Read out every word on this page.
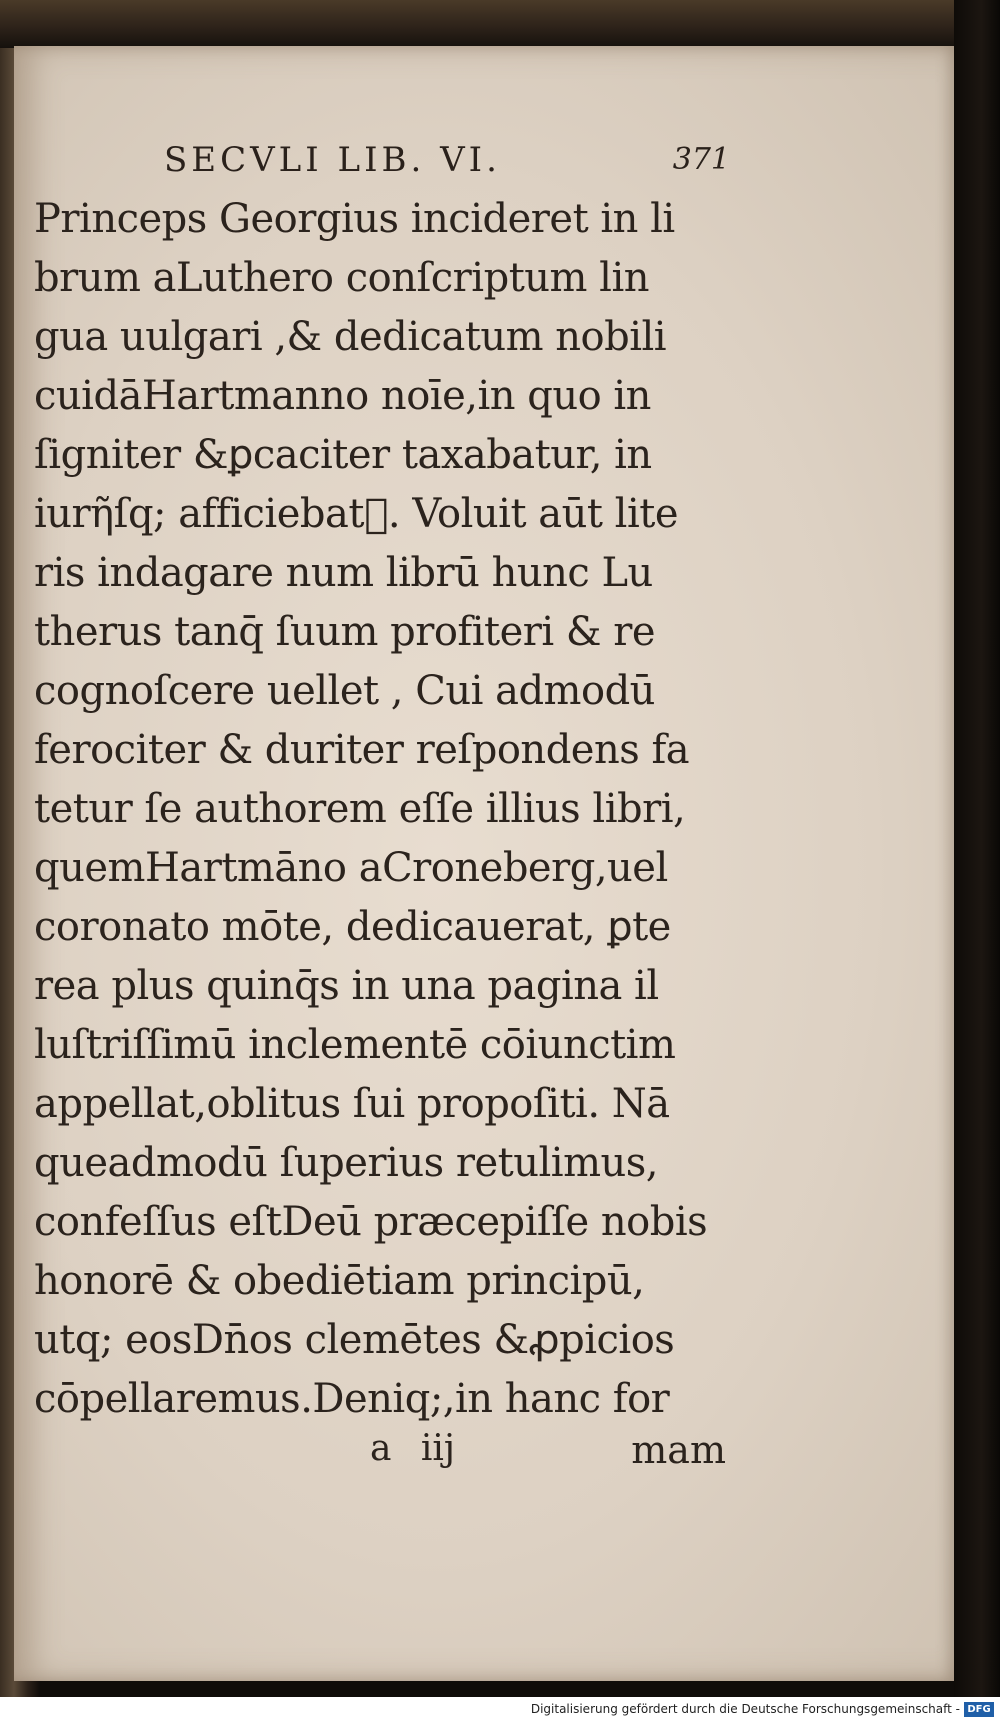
SECVLI LIB. VI.	371
Princeps Georgius incideret in li
brum aLuthero conſcriptum lin
gua uulgari ,& dedicatum nobili
cuidāHartmanno noīe,in quo in
ſigniter &ꝑcaciter taxabatur, in
iurῆſq; afficiebat᷑. Voluit aūt lite
ris indagare num librū hunc Lu
therus tanq̄ ſuum profiteri & re
cognoſcere uellet , Cui admodū
ferociter & duriter reſpondens fa
tetur ſe authorem eſſe illius libri,
quemHartmāno aCroneberg,uel
coronato mōte, dedicauerat, ꝑte
rea plus quinq̄s in una pagina il
luſtriſſimū inclementē cōiunctim
appellat,oblitus ſui propoſiti. Nā
queadmodū ſuperius retulimus,
confeſſus eſtDeū præcepiſſe nobis
honorē & obediētiam principū,
utq; eosDn̄os clemētes &ꝓpicios
cōpellaremus.Deniq;,in hanc for
a iij	mam
Digitalisierung gefördert durch die Deutsche Forschungsgemeinschaft - DFG
